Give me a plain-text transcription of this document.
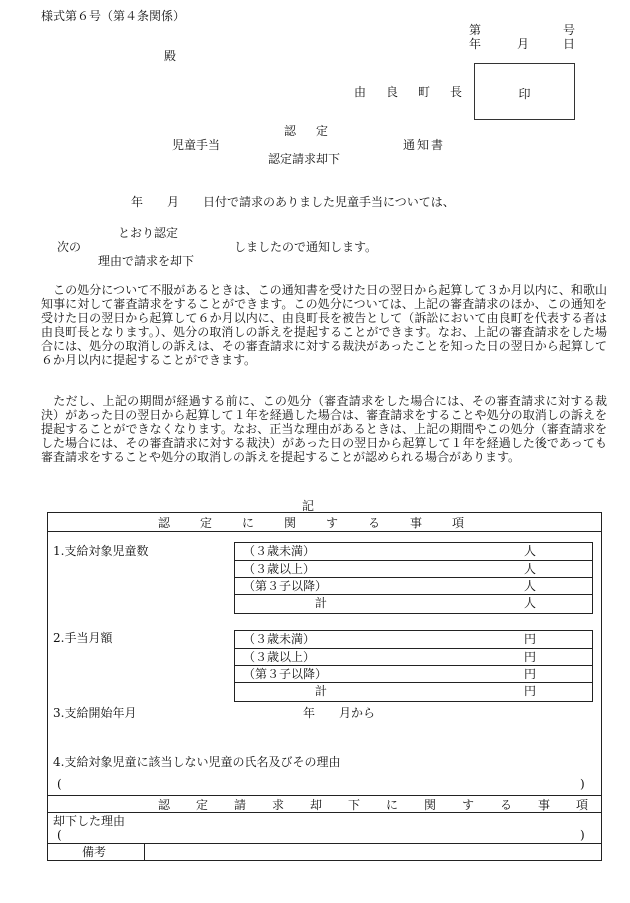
様式第６号（第４条関係）
第	号
年	月	日
殿
由　良　町　長	印
認　定
児童手当	通知書
認定請求却下
年　　月　　日付で請求のありました児童手当については、
とおり認定
次の	しましたので通知します。
理由で請求を却下
　この処分について不服があるときは、この通知書を受けた日の翌日から起算して３か月以内に、和歌山知事に対して審査請求をすることができます。この処分については、上記の審査請求のほか、この通知を受けた日の翌日から起算して６か月以内に、由良町長を被告として（訴訟において由良町を代表する者は由良町長となります。）、処分の取消しの訴えを提起することができます。なお、上記の審査請求をした場合には、処分の取消しの訴えは、その審査請求に対する裁決があったことを知った日の翌日から起算して６か月以内に提起することができます。
　ただし、上記の期間が経過する前に、この処分（審査請求をした場合には、その審査請求に対する裁決）があった日の翌日から起算して１年を経過した場合は、審査請求をすることや処分の取消しの訴えを提起することができなくなります。なお、正当な理由があるときは、上記の期間やこの処分（審査請求をした場合には、その審査請求に対する裁決）があった日の翌日から起算して１年を経過した後であっても審査請求をすることや処分の取消しの訴えを提起することが認められる場合があります。
記
認　定　に　関　す　る　事　項
1.支給対象児童数	（３歳未満）	人
（３歳以上）	人
（第３子以降）	人
計	人
2.手当月額	（３歳未満）	円
（３歳以上）	円
（第３子以降）	円
計	円
3.支給開始年月	年　　月から
4.支給対象児童に該当しない児童の氏名及びその理由
(	)
認　定　請　求　却　下　に　関　す　る　事　項
却下した理由
(	)
備考
